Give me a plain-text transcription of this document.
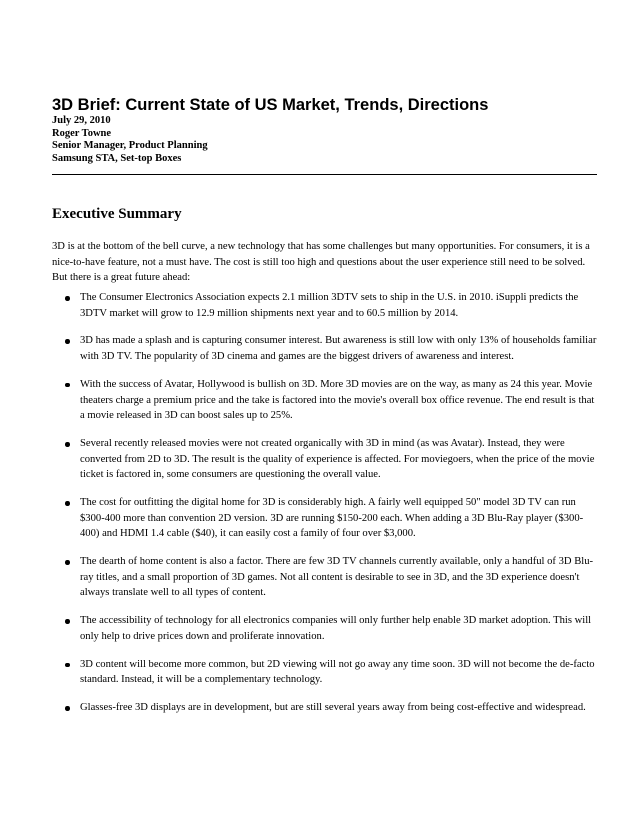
3D Brief: Current State of US Market, Trends, Directions
July 29, 2010
Roger Towne
Senior Manager, Product Planning
Samsung STA, Set-top Boxes
Executive Summary

3D is at the bottom of the bell curve, a new technology that has some challenges but many opportunities. For consumers, it is a nice-to-have feature, not a must have. The cost is still too high and questions about the user experience still need to be solved. But there is a great future ahead:

The Consumer Electronics Association expects 2.1 million 3DTV sets to ship in the U.S. in 2010. iSuppli predicts the 3DTV market will grow to 12.9 million shipments next year and to 60.5 million by 2014.
3D has made a splash and is capturing consumer interest. But awareness is still low with only 13% of households familiar with 3D TV. The popularity of 3D cinema and games are the biggest drivers of awareness and interest.
With the success of Avatar, Hollywood is bullish on 3D. More 3D movies are on the way, as many as 24 this year. Movie theaters charge a premium price and the take is factored into the movie's overall box office revenue. The end result is that a movie released in 3D can boost sales up to 25%.
Several recently released movies were not created organically with 3D in mind (as was Avatar). Instead, they were converted from 2D to 3D. The result is the quality of experience is affected. For moviegoers, when the price of the movie ticket is factored in, some consumers are questioning the overall value.
The cost for outfitting the digital home for 3D is considerably high. A fairly well equipped 50" model 3D TV can run $300-400 more than convention 2D version. 3D are running $150-200 each. When adding a 3D Blu-Ray player ($300-400) and HDMI 1.4 cable ($40), it can easily cost a family of four over $3,000.
The dearth of home content is also a factor. There are few 3D TV channels currently available, only a handful of 3D Blu-ray titles, and a small proportion of 3D games. Not all content is desirable to see in 3D, and the 3D experience doesn't always translate well to all types of content.
The accessibility of technology for all electronics companies will only further help enable 3D market adoption. This will only help to drive prices down and proliferate innovation.
3D content will become more common, but 2D viewing will not go away any time soon. 3D will not become the de-facto standard. Instead, it will be a complementary technology.
Glasses-free 3D displays are in development, but are still several years away from being cost-effective and widespread.
